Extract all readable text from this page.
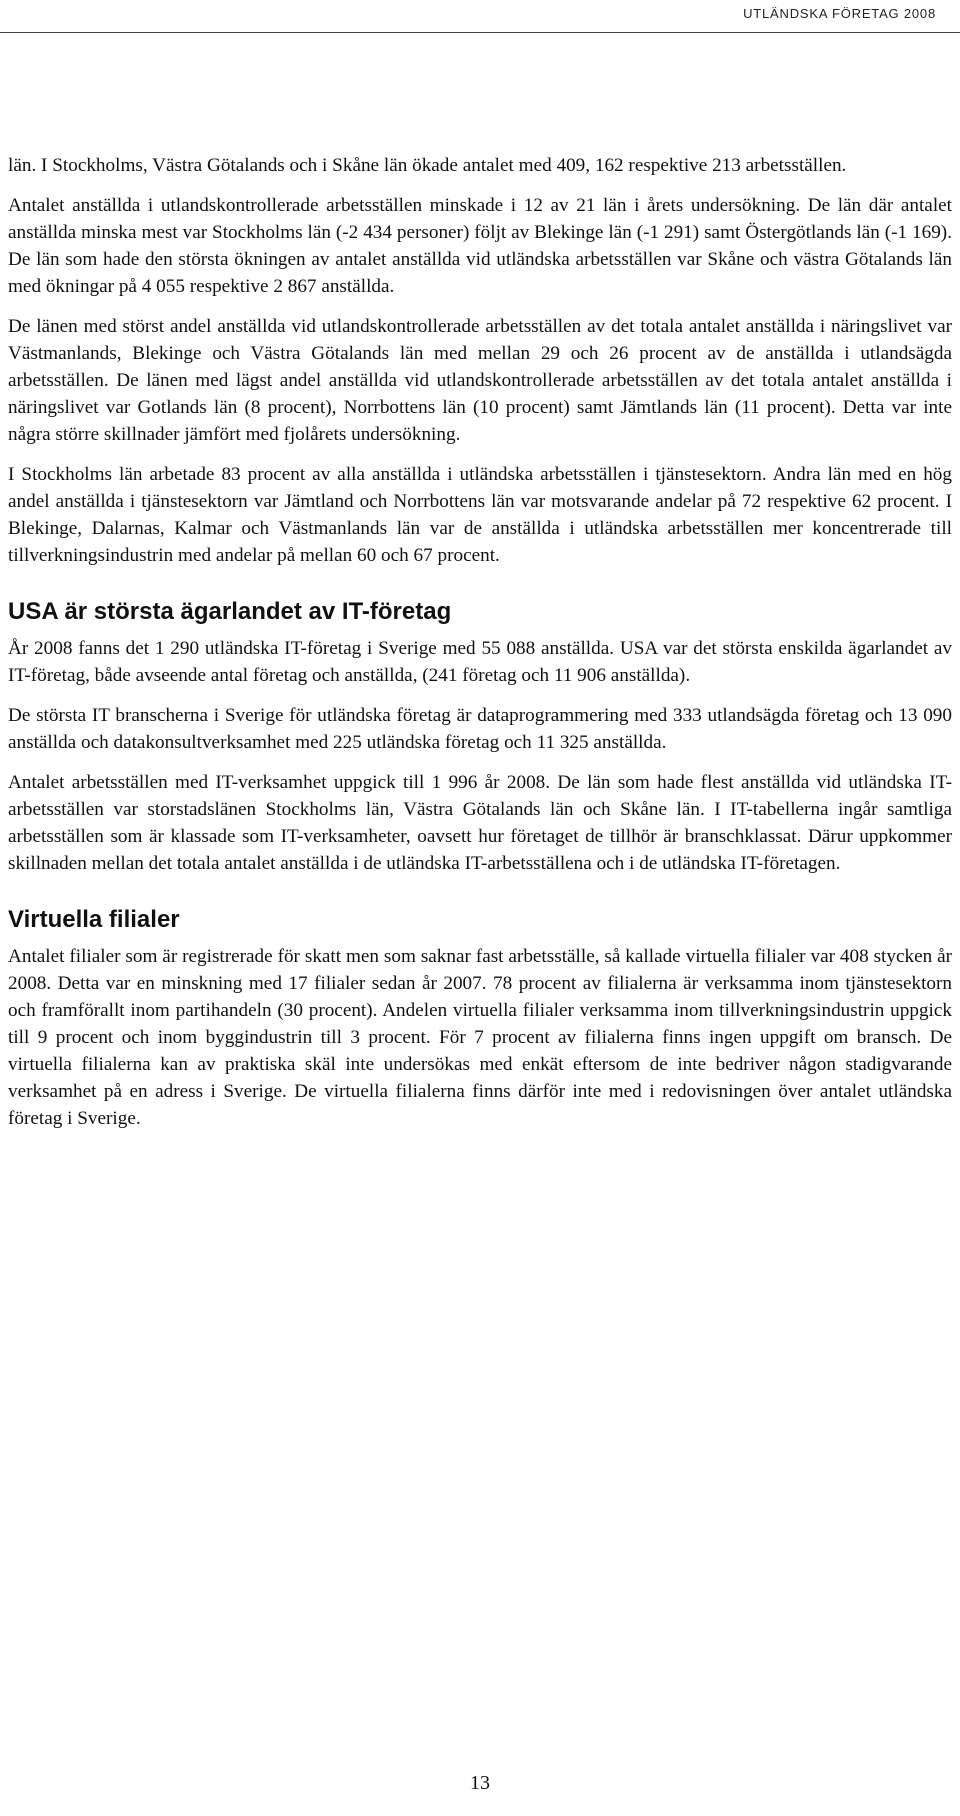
UTLÄNDSKA FÖRETAG 2008

län. I Stockholms, Västra Götalands och i Skåne län ökade antalet med 409, 162 respektive 213 arbetsställen.

Antalet anställda i utlandskontrollerade arbetsställen minskade i 12 av 21 län i årets undersökning. De län där antalet anställda minska mest var Stockholms län (-2 434 personer) följt av Blekinge län (-1 291) samt Östergötlands län (-1 169). De län som hade den största ökningen av antalet anställda vid utländska arbetsställen var Skåne och västra Götalands län med ökningar på 4 055 respektive 2 867 anställda.

De länen med störst andel anställda vid utlandskontrollerade arbetsställen av det totala antalet anställda i näringslivet var Västmanlands, Blekinge och Västra Götalands län med mellan 29 och 26 procent av de anställda i utlandsägda arbetsställen. De länen med lägst andel anställda vid utlandskontrollerade arbetsställen av det totala antalet anställda i näringslivet var Gotlands län (8 procent), Norrbottens län (10 procent) samt Jämtlands län (11 procent). Detta var inte några större skillnader jämfört med fjolårets undersökning.

I Stockholms län arbetade 83 procent av alla anställda i utländska arbetsställen i tjänstesektorn. Andra län med en hög andel anställda i tjänstesektorn var Jämtland och Norrbottens län var motsvarande andelar på 72 respektive 62 procent. I Blekinge, Dalarnas, Kalmar och Västmanlands län var de anställda i utländska arbetsställen mer koncentrerade till tillverkningsindustrin med andelar på mellan 60 och 67 procent.

USA är största ägarlandet av IT-företag

År 2008 fanns det 1 290 utländska IT-företag i Sverige med 55 088 anställda. USA var det största enskilda ägarlandet av IT-företag, både avseende antal företag och anställda, (241 företag och 11 906 anställda).

De största IT branscherna i Sverige för utländska företag är dataprogrammering med 333 utlandsägda företag och 13 090 anställda och datakonsultverksamhet med 225 utländska företag och 11 325 anställda.

Antalet arbetsställen med IT-verksamhet uppgick till 1 996 år 2008. De län som hade flest anställda vid utländska IT-arbetsställen var storstadslänen Stockholms län, Västra Götalands län och Skåne län. I IT-tabellerna ingår samtliga arbetsställen som är klassade som IT-verksamheter, oavsett hur företaget de tillhör är branschklassat. Därur uppkommer skillnaden mellan det totala antalet anställda i de utländska IT-arbetsställena och i de utländska IT-företagen.

Virtuella filialer

Antalet filialer som är registrerade för skatt men som saknar fast arbetsställe, så kallade virtuella filialer var 408 stycken år 2008. Detta var en minskning med 17 filialer sedan år 2007. 78 procent av filialerna är verksamma inom tjänstesektorn och framförallt inom partihandeln (30 procent). Andelen virtuella filialer verksamma inom tillverkningsindustrin uppgick till 9 procent och inom byggindustrin till 3 procent. För 7 procent av filialerna finns ingen uppgift om bransch. De virtuella filialerna kan av praktiska skäl inte undersökas med enkät eftersom de inte bedriver någon stadigvarande verksamhet på en adress i Sverige. De virtuella filialerna finns därför inte med i redovisningen över antalet utländska företag i Sverige.

13
